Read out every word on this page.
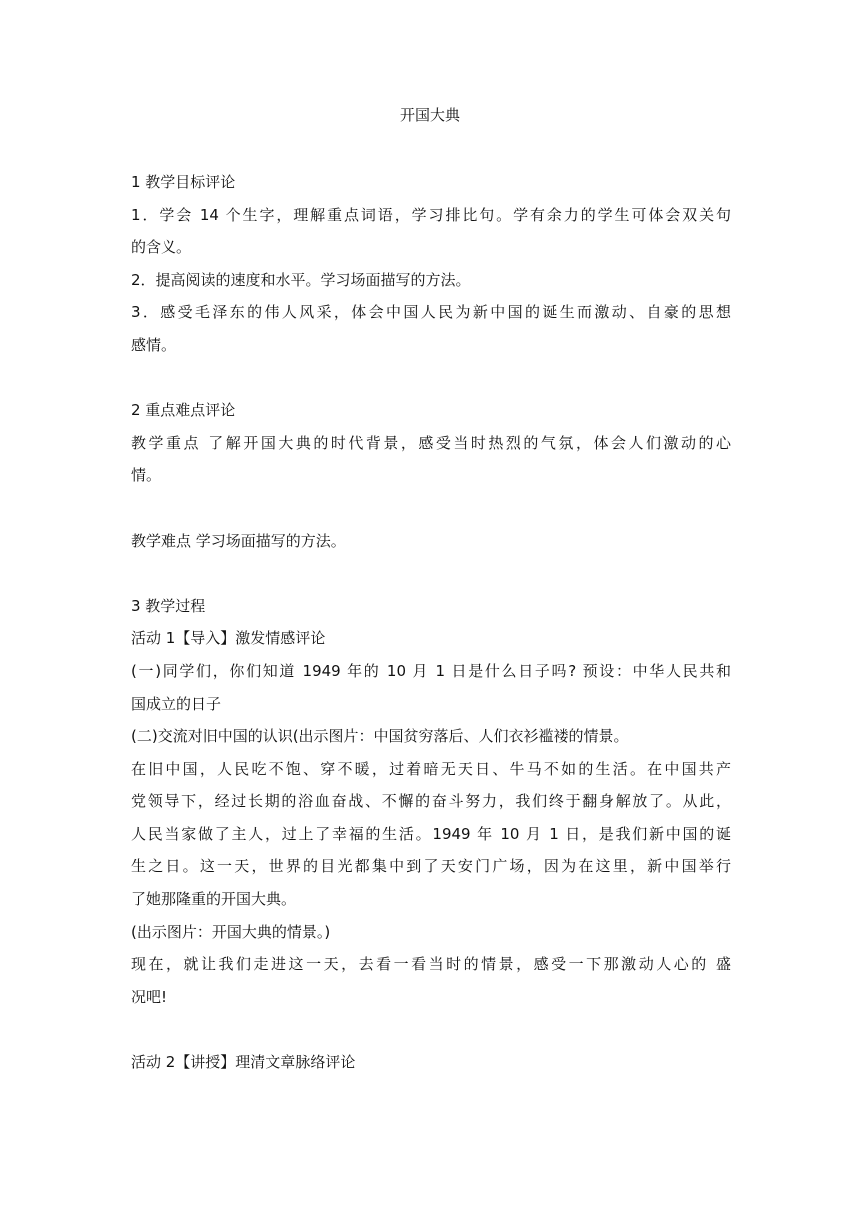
开国大典
1 教学目标评论
1．学会 14 个生字，理解重点词语，学习排比句。学有余力的学生可体会双关句
的含义。
2．提高阅读的速度和水平。学习场面描写的方法。
3．感受毛泽东的伟人风采，体会中国人民为新中国的诞生而激动、自豪的思想
感情。
2 重点难点评论
教学重点 了解开国大典的时代背景，感受当时热烈的气氛，体会人们激动的心
情。
教学难点 学习场面描写的方法。
3 教学过程
活动 1【导入】激发情感评论
(一)同学们，你们知道 1949 年的 10 月 1 日是什么日子吗? 预设：中华人民共和
国成立的日子
(二)交流对旧中国的认识(出示图片：中国贫穷落后、人们衣衫褴褛的情景。
在旧中国，人民吃不饱、穿不暖，过着暗无天日、牛马不如的生活。在中国共产
党领导下，经过长期的浴血奋战、不懈的奋斗努力，我们终于翻身解放了。从此，
人民当家做了主人，过上了幸福的生活。1949 年 10 月 1 日，是我们新中国的诞
生之日。这一天，世界的目光都集中到了天安门广场，因为在这里，新中国举行
了她那隆重的开国大典。
(出示图片：开国大典的情景。)
现在，就让我们走进这一天，去看一看当时的情景，感受一下那激动人心的 盛
况吧!
活动 2【讲授】理清文章脉络评论
